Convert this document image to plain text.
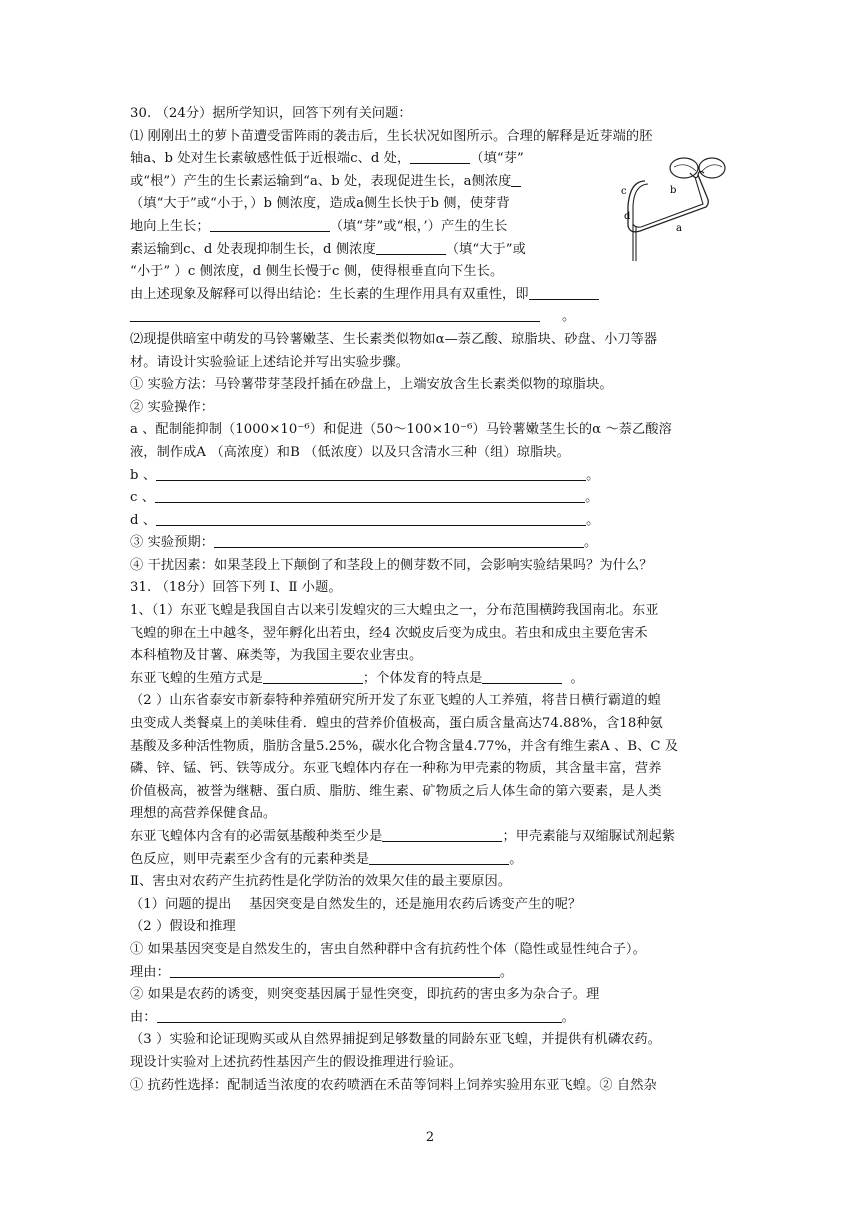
30. （24分）据所学知识，回答下列有关问题：
⑴ 刚刚出土的萝卜苗遭受雷阵雨的袭击后，生长状况如图所示。合理的解释是近芽端的胚
轴a、b 处对生长素敏感性低于近根端c、d 处，	（填“芽”
或“根”）产生的生长素运输到“a、b 处，表现促进生长，a侧浓度
（填“大于”或“小于，）b 侧浓度，造成a侧生长快于b 侧，使芽背
地向上生长；	（填“芽”或“根，’）产生的生长
素运输到c、d 处表现抑制生长，d 侧浓度	（填“大于”或
“小于” ）c 侧浓度，d 侧生长慢于c 侧，使得根垂直向下生长。
由上述现象及解释可以得出结论：生长素的生理作用具有双重性，即
。
⑵现提供暗室中萌发的马铃薯嫩茎、生长素类似物如α—萘乙酸、琼脂块、砂盘、小刀等器
材。请设计实验验证上述结论并写出实验步骤。
① 实验方法：马铃薯带芽茎段扦插在砂盘上，上端安放含生长素类似物的琼脂块。
② 实验操作：
a 、配制能抑制（1000×10⁻⁶）和促进（50～100×10⁻⁶）马铃薯嫩茎生长的α ～萘乙酸溶
液，制作成A （高浓度）和B （低浓度）以及只含清水三种（组）琼脂块。
b 、	。
c 、	。
d 、	。
③ 实验预期：	。
④ 干扰因素：如果茎段上下颠倒了和茎段上的侧芽数不同，会影响实验结果吗？为什么？
31. （18分）回答下列 Ⅰ、Ⅱ 小题。
1、（1）东亚飞蝗是我国自古以来引发蝗灾的三大蝗虫之一，分布范围横跨我国南北。东亚
飞蝗的卵在土中越冬，翌年孵化出若虫，经4 次蜕皮后变为成虫。若虫和成虫主要危害禾
本科植物及甘薯、麻类等，为我国主要农业害虫。
东亚飞蝗的生殖方式是	；个体发育的特点是	。
（2 ）山东省泰安市新泰特种养殖研究所开发了东亚飞蝗的人工养殖，将昔日横行霸道的蝗
虫变成人类餐桌上的美味佳肴．蝗虫的营养价值极高，蛋白质含量高达74.88%，含18种氨
基酸及多种活性物质，脂肪含量5.25%，碳水化合物含量4.77%，并含有维生素A 、B、C 及
磷、锌、锰、钙、铁等成分。东亚飞蝗体内存在一种称为甲壳素的物质，其含量丰富，营养
价值极高，被誉为继糖、蛋白质、脂肪、维生素、矿物质之后人体生命的第六要素，是人类
理想的高营养保健食品。
东亚飞蝗体内含有的必需氨基酸种类至少是	；甲壳素能与双缩脲试剂起紫
色反应，则甲壳素至少含有的元素种类是	。
Ⅱ、害虫对农药产生抗药性是化学防治的效果欠佳的最主要原因。
（1）问题的提出　 基因突变是自然发生的，还是施用农药后诱变产生的呢？
（2 ）假设和推理
① 如果基因突变是自然发生的，害虫自然种群中含有抗药性个体（隐性或显性纯合子）。
理由：	。
② 如果是农药的诱变，则突变基因属于显性突变，即抗药的害虫多为杂合子。理
由：	。
（3 ）实验和论证现购买或从自然界捕捉到足够数量的同龄东亚飞蝗，并提供有机磷农药。
现设计实验对上述抗药性基因产生的假设推理进行验证。
① 抗药性选择：配制适当浓度的农药喷洒在禾苗等饲料上饲养实验用东亚飞蝗。② 自然杂
c	b
d
a
2
